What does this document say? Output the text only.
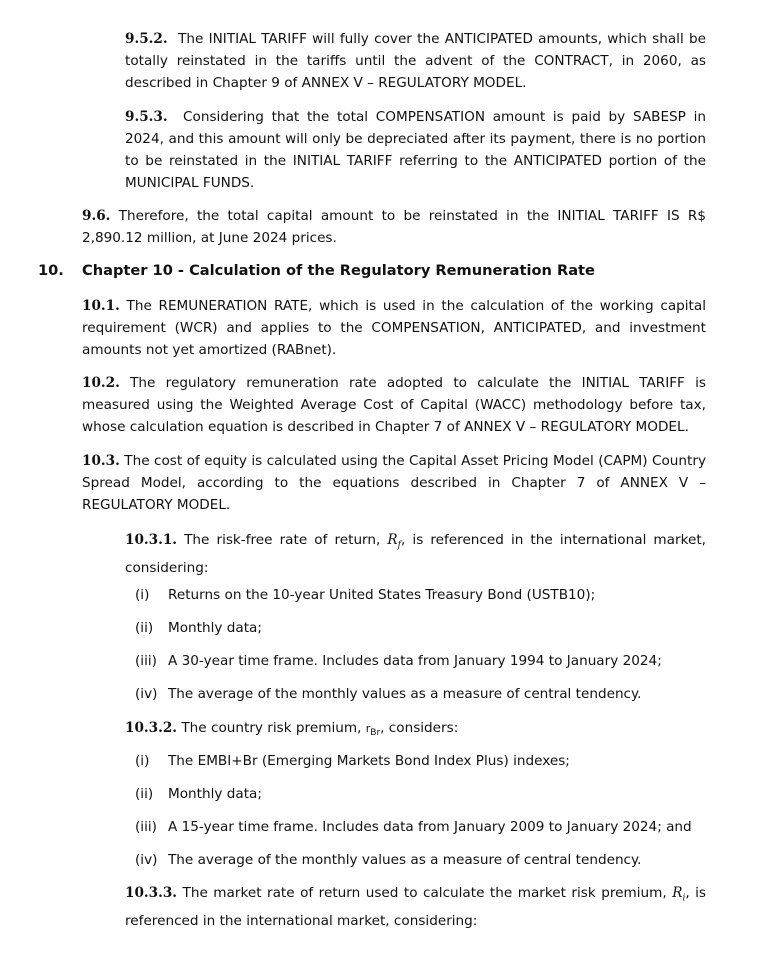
9.5.2. The INITIAL TARIFF will fully cover the ANTICIPATED amounts, which shall be totally reinstated in the tariffs until the advent of the CONTRACT, in 2060, as described in Chapter 9 of ANNEX V – REGULATORY MODEL.

9.5.3. Considering that the total COMPENSATION amount is paid by SABESP in 2024, and this amount will only be depreciated after its payment, there is no portion to be reinstated in the INITIAL TARIFF referring to the ANTICIPATED portion of the MUNICIPAL FUNDS.

9.6. Therefore, the total capital amount to be reinstated in the INITIAL TARIFF IS R$ 2,890.12 million, at June 2024 prices.

10. Chapter 10 - Calculation of the Regulatory Remuneration Rate

10.1. The REMUNERATION RATE, which is used in the calculation of the working capital requirement (WCR) and applies to the COMPENSATION, ANTICIPATED, and investment amounts not yet amortized (RABnet).

10.2. The regulatory remuneration rate adopted to calculate the INITIAL TARIFF is measured using the Weighted Average Cost of Capital (WACC) methodology before tax, whose calculation equation is described in Chapter 7 of ANNEX V – REGULATORY MODEL.

10.3. The cost of equity is calculated using the Capital Asset Pricing Model (CAPM) Country Spread Model, according to the equations described in Chapter 7 of ANNEX V – REGULATORY MODEL.

10.3.1. The risk-free rate of return, $R_f$, is referenced in the international market, considering:

(i) Returns on the 10-year United States Treasury Bond (USTB10);
(ii) Monthly data;
(iii) A 30-year time frame. Includes data from January 1994 to January 2024;
(iv) The average of the monthly values as a measure of central tendency.

10.3.2. The country risk premium, $r_{Br}$, considers:

(i) The EMBI+Br (Emerging Markets Bond Index Plus) indexes;
(ii) Monthly data;
(iii) A 15-year time frame. Includes data from January 2009 to January 2024; and
(iv) The average of the monthly values as a measure of central tendency.

10.3.3. The market rate of return used to calculate the market risk premium, $R_i$, is referenced in the international market, considering:
